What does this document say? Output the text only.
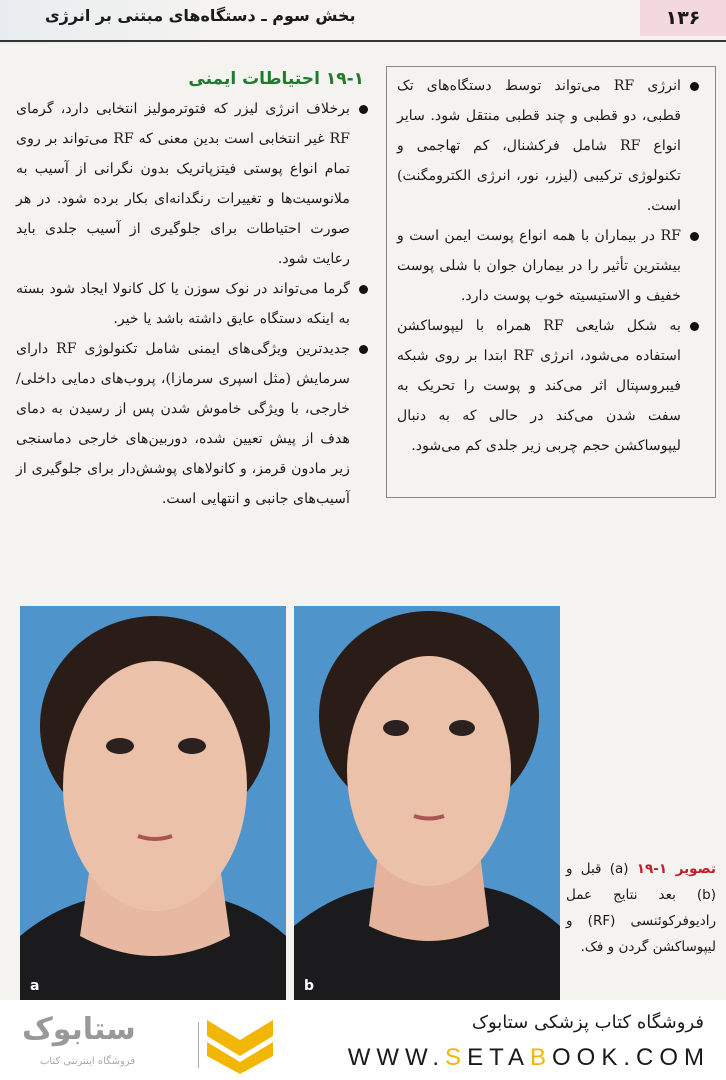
۱۳۶
بخش سوم ـ دستگاه‌های مبتنی بر انرژی
انرژی RF می‌تواند توسط دستگاه‌های تک قطبی، دو قطبی و چند قطبی منتقل شود. سایر انواع RF شامل فرکشنال، کم تهاجمی و تکنولوژی ترکیبی (لیزر، نور، انرژی الکترومگنت) است.
RF در بیماران با همه انواع پوست ایمن است و بیشترین تأثیر را در بیماران جوان با شلی پوست خفیف و الاستیسیته خوب پوست دارد.
به شکل شایعی RF همراه با لیپوساکشن استفاده می‌شود، انرژی RF ابتدا بر روی شبکه فیبروسپتال اثر می‌کند و پوست را تحریک به سفت شدن می‌کند در حالی که به دنبال لیپوساکشن حجم چربی زیر جلدی کم می‌شود.
۱۹-۱ احتیاطات ایمنی
برخلاف انرژی لیزر که فتوترمولیز انتخابی دارد، گرمای RF غیر انتخابی است بدین معنی که RF می‌تواند بر روی تمام انواع پوستی فیتزپاتریک بدون نگرانی از آسیب به ملانوسیت‌ها و تغییرات رنگدانه‌ای بکار برده شود. در هر صورت احتیاطات برای جلوگیری از آسیب جلدی باید رعایت شود.
گرما می‌تواند در نوک سوزن یا کل کانولا ایجاد شود بسته به اینکه دستگاه عایق داشته باشد یا خیر.
جدیدترین ویژگی‌های ایمنی شامل تکنولوژی RF دارای سرمایش (مثل اسپری سرمازا)، پروب‌های دمایی داخلی/ خارجی، با ویژگی خاموش شدن پس از رسیدن به دمای هدف از پیش تعیین شده، دوربین‌های خارجی دماسنجی زیر مادون قرمز، و کانولاهای پوشش‌دار برای جلوگیری از آسیب‌های جانبی و انتهایی است.
a	b
تصویر ۱-۱۹ (a) قبل و (b) بعد نتایج عمل رادیوفرکوئنسی (RF) و لیپوساکشن گردن و فک.
فروشگاه کتاب پزشکی ستابوک
WWW.SETABOOK.COM
ستابوک
فروشگاه اینترنتی کتاب
